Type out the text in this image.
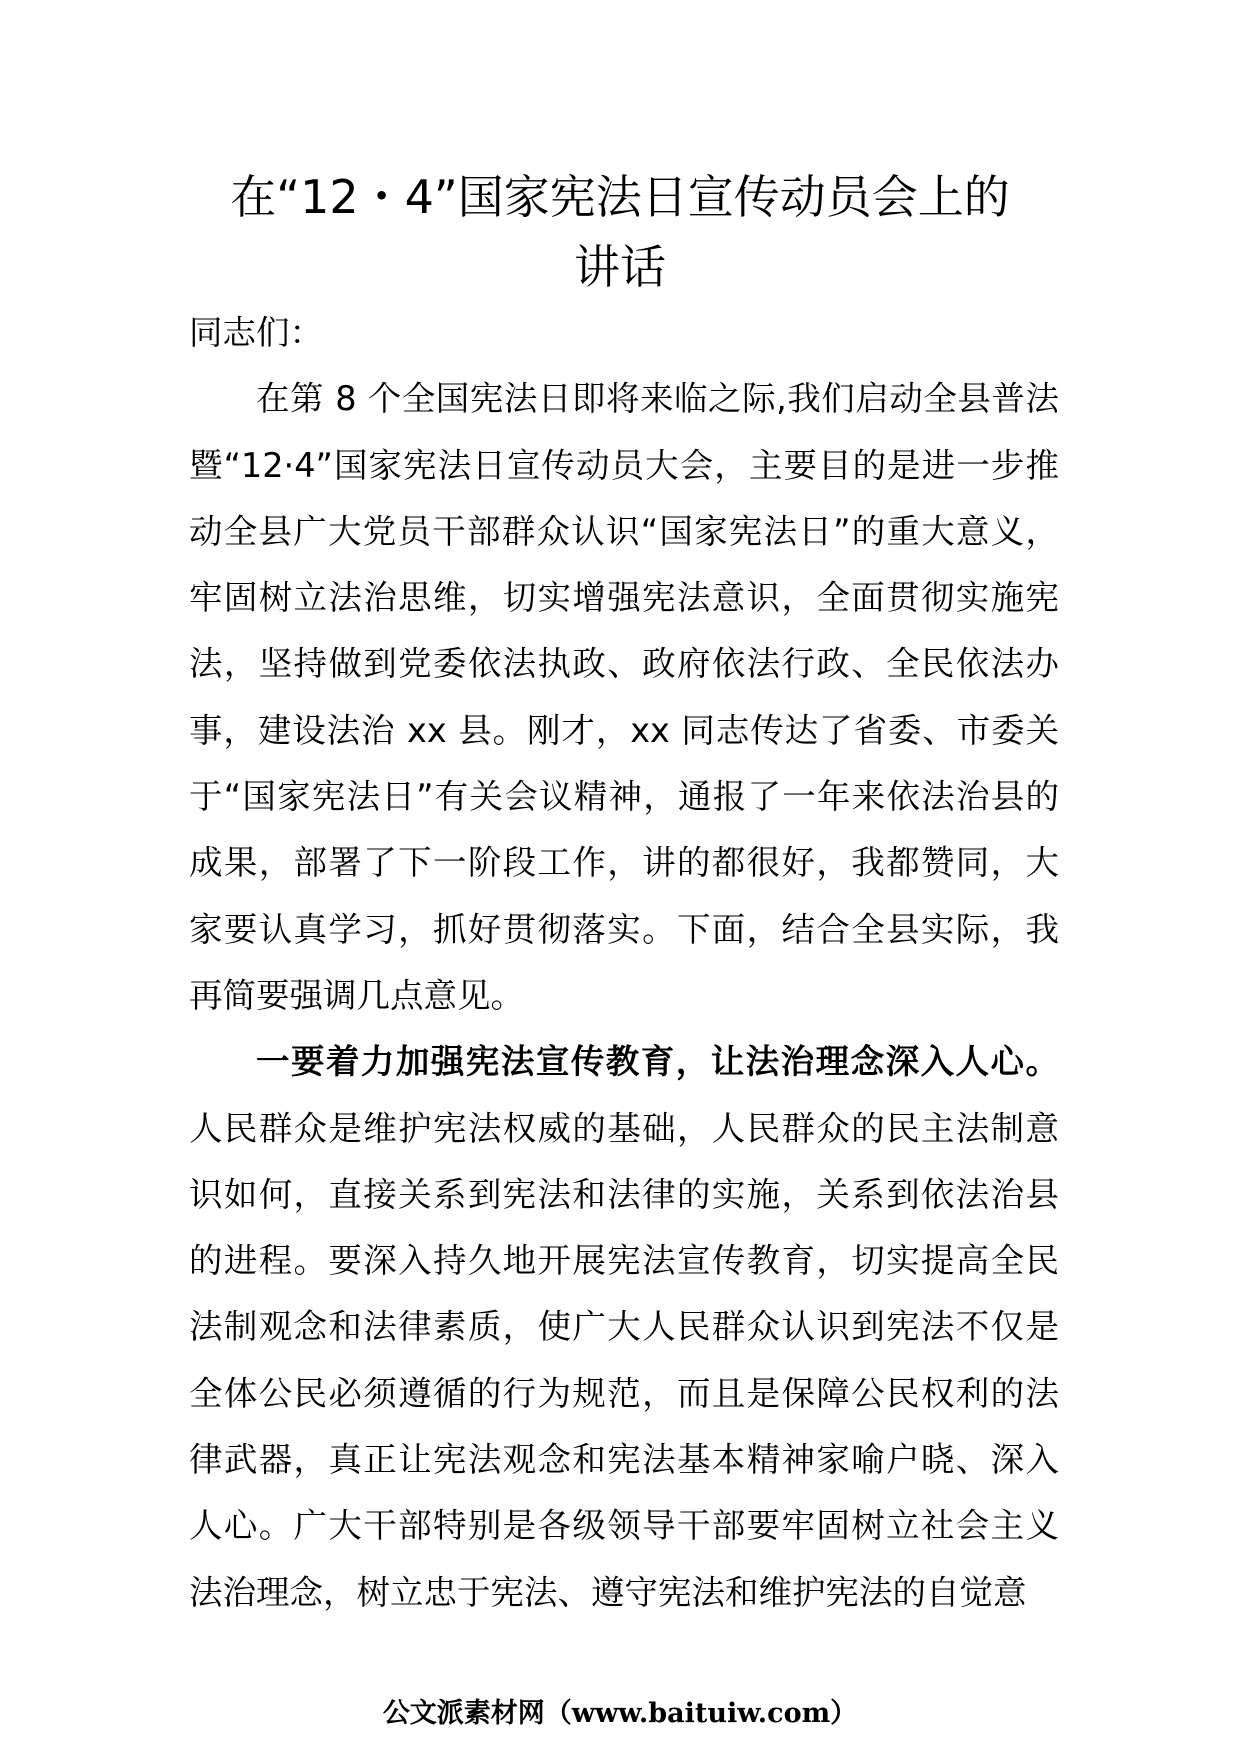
在“12・4”国家宪法日宣传动员会上的
讲话

同志们：

在第 8 个全国宪法日即将来临之际,我们启动全县普法暨“12·4”国家宪法日宣传动员大会，主要目的是进一步推动全县广大党员干部群众认识“国家宪法日”的重大意义，牢固树立法治思维，切实增强宪法意识，全面贯彻实施宪法，坚持做到党委依法执政、政府依法行政、全民依法办事，建设法治 xx 县。刚才，xx 同志传达了省委、市委关于“国家宪法日”有关会议精神，通报了一年来依法治县的成果，部署了下一阶段工作，讲的都很好，我都赞同，大家要认真学习，抓好贯彻落实。下面，结合全县实际，我再简要强调几点意见。

一要着力加强宪法宣传教育，让法治理念深入人心。人民群众是维护宪法权威的基础，人民群众的民主法制意识如何，直接关系到宪法和法律的实施，关系到依法治县的进程。要深入持久地开展宪法宣传教育，切实提高全民法制观念和法律素质，使广大人民群众认识到宪法不仅是全体公民必须遵循的行为规范，而且是保障公民权利的法律武器，真正让宪法观念和宪法基本精神家喻户晓、深入人心。广大干部特别是各级领导干部要牢固树立社会主义法治理念，树立忠于宪法、遵守宪法和维护宪法的自觉意

公文派素材网（www.baituiw.com）
